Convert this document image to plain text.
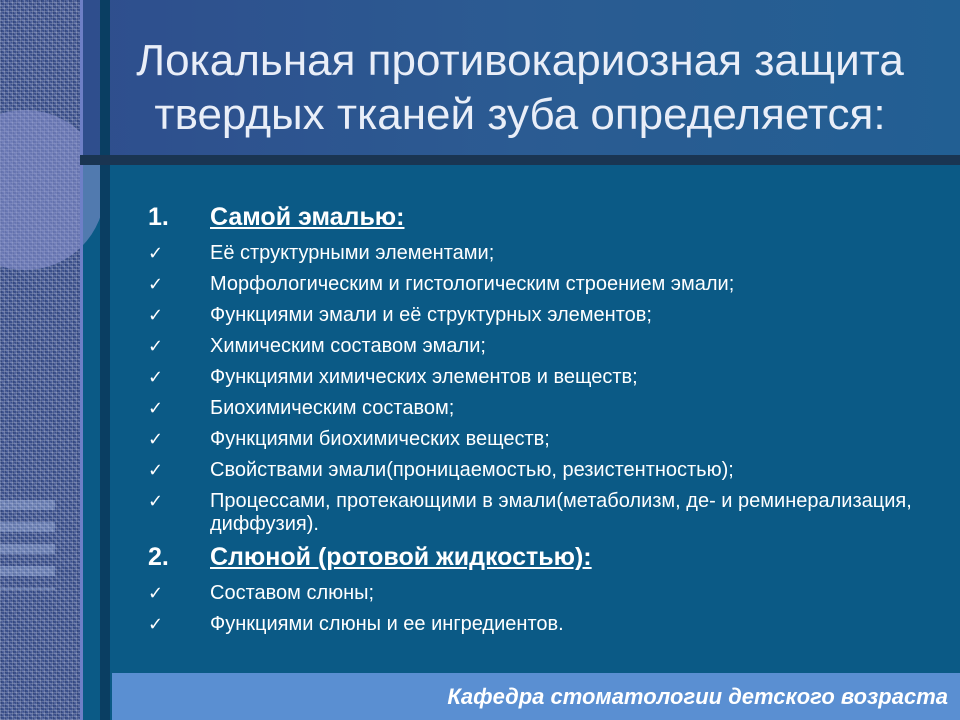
Локальная противокариозная защита твердых тканей зуба определяется:
1. Самой эмалью:
✓ Её структурными элементами;
✓ Морфологическим и гистологическим строением эмали;
✓ Функциями эмали и её структурных элементов;
✓ Химическим составом эмали;
✓ Функциями химических элементов и веществ;
✓ Биохимическим составом;
✓ Функциями биохимических веществ;
✓ Свойствами эмали(проницаемостью, резистентностью);
✓ Процессами, протекающими в эмали(метаболизм, де- и реминерализация, диффузия).
2. Слюной (ротовой жидкостью):
✓ Составом слюны;
✓ Функциями слюны и ее ингредиентов.
Кафедра стоматологии детского возраста
